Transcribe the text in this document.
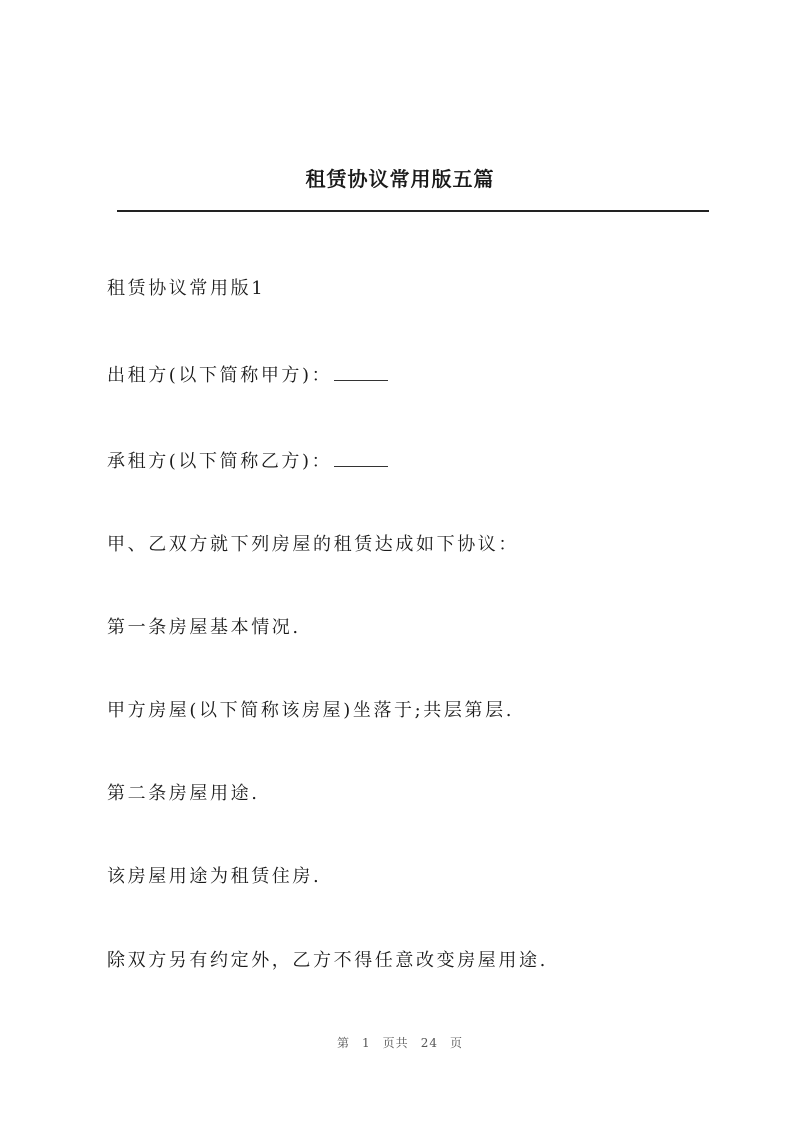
租赁协议常用版五篇
租赁协议常用版1
出租方(以下简称甲方)：
承租方(以下简称乙方)：
甲、乙双方就下列房屋的租赁达成如下协议：
第一条房屋基本情况.
甲方房屋(以下简称该房屋)坐落于;共层第层.
第二条房屋用途.
该房屋用途为租赁住房.
除双方另有约定外，乙方不得任意改变房屋用途.
第 1 页共 24 页
